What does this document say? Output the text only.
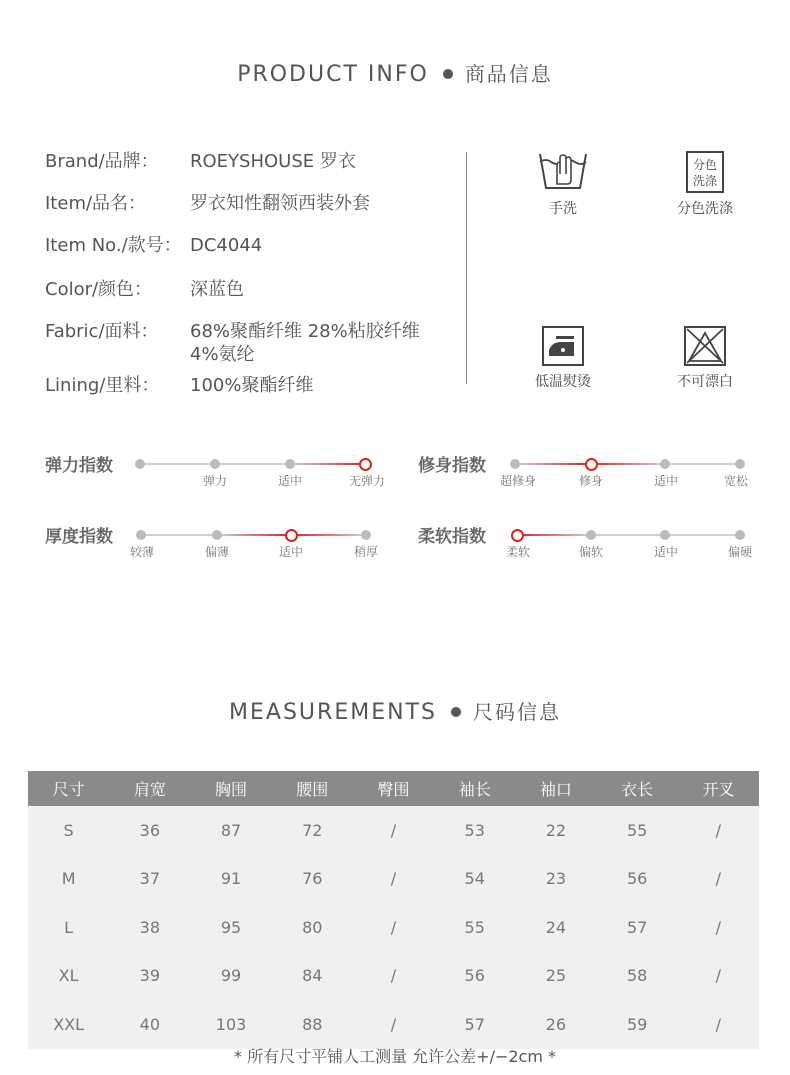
PRODUCT INFO 商品信息
Brand/品牌： ROEYSHOUSE 罗衣
Item/品名： 罗衣知性翻领西装外套
Item No./款号： DC4044
Color/颜色： 深蓝色
Fabric/面料： 68%聚酯纤维 28%粘胶纤维
4%氨纶
Lining/里料： 100%聚酯纤维
手洗
分色
洗涤
分色洗涤
低温熨烫	不可漂白
弹力指数
弹力	适中	无弹力
修身指数
超修身	修身	适中	宽松
厚度指数
较薄	偏薄	适中	稍厚
柔软指数
柔软	偏软	适中	偏硬
MEASUREMENTS 尺码信息
尺寸	肩宽	胸围	腰围	臀围	袖长	袖口	衣长	开叉
S	36	87	72	/	53	22	55	/
M	37	91	76	/	54	23	56	/
L	38	95	80	/	55	24	57	/
XL	39	99	84	/	56	25	58	/
XXL	40	103	88	/	57	26	59	/
* 所有尺寸平铺人工测量 允许公差+/−2cm *
